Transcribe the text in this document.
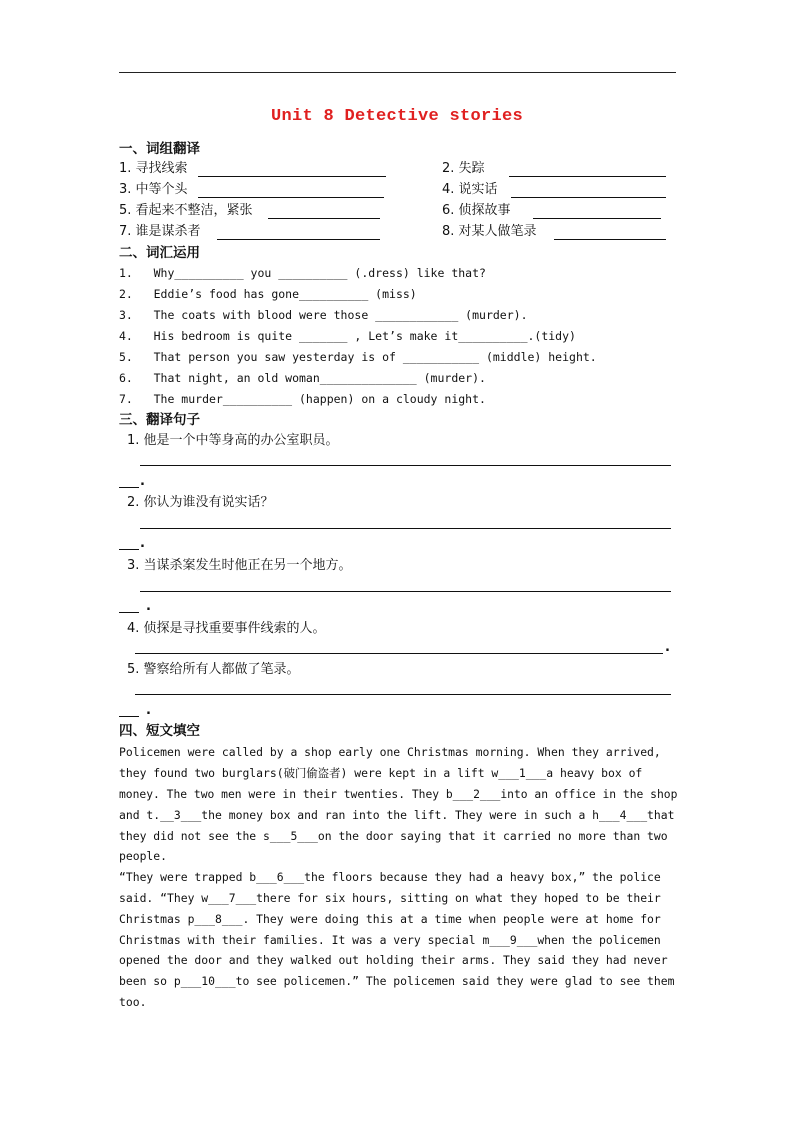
Unit 8 Detective stories
一、词组翻译
1. 寻找线索	2. 失踪
3. 中等个头	4. 说实话
5. 看起来不整洁，紧张	6. 侦探故事
7. 谁是谋杀者	8. 对某人做笔录
二、词汇运用
1.   Why__________ you __________ (.dress) like that?
2.   Eddie’s food has gone__________ (miss)
3.   The coats with blood were those ____________ (murder).
4.   His bedroom is quite _______ , Let’s make it__________.(tidy)
5.   That person you saw yesterday is of ___________ (middle) height.
6.   That night, an old woman______________ (murder).
7.   The murder__________ (happen) on a cloudy night.
三、翻译句子
1. 他是一个中等身高的办公室职员。
.
2. 你认为谁没有说实话？
.
3. 当谋杀案发生时他正在另一个地方。
.
4. 侦探是寻找重要事件线索的人。
.
5. 警察给所有人都做了笔录。
.
四、短文填空
Policemen were called by a shop early one Christmas morning. When they arrived,
they found two burglars(破门偷盗者) were kept in a lift w___1___a heavy box of
money. The two men were in their twenties. They b___2___into an office in the shop
and t.__3___the money box and ran into the lift. They were in such a h___4___that
they did not see the s___5___on the door saying that it carried no more than two
people.
“They were trapped b___6___the floors because they had a heavy box,” the police
said. “They w___7___there for six hours, sitting on what they hoped to be their
Christmas p___8___. They were doing this at a time when people were at home for
Christmas with their families. It was a very special m___9___when the policemen
opened the door and they walked out holding their arms. They said they had never
been so p___10___to see policemen.” The policemen said they were glad to see them
too.
